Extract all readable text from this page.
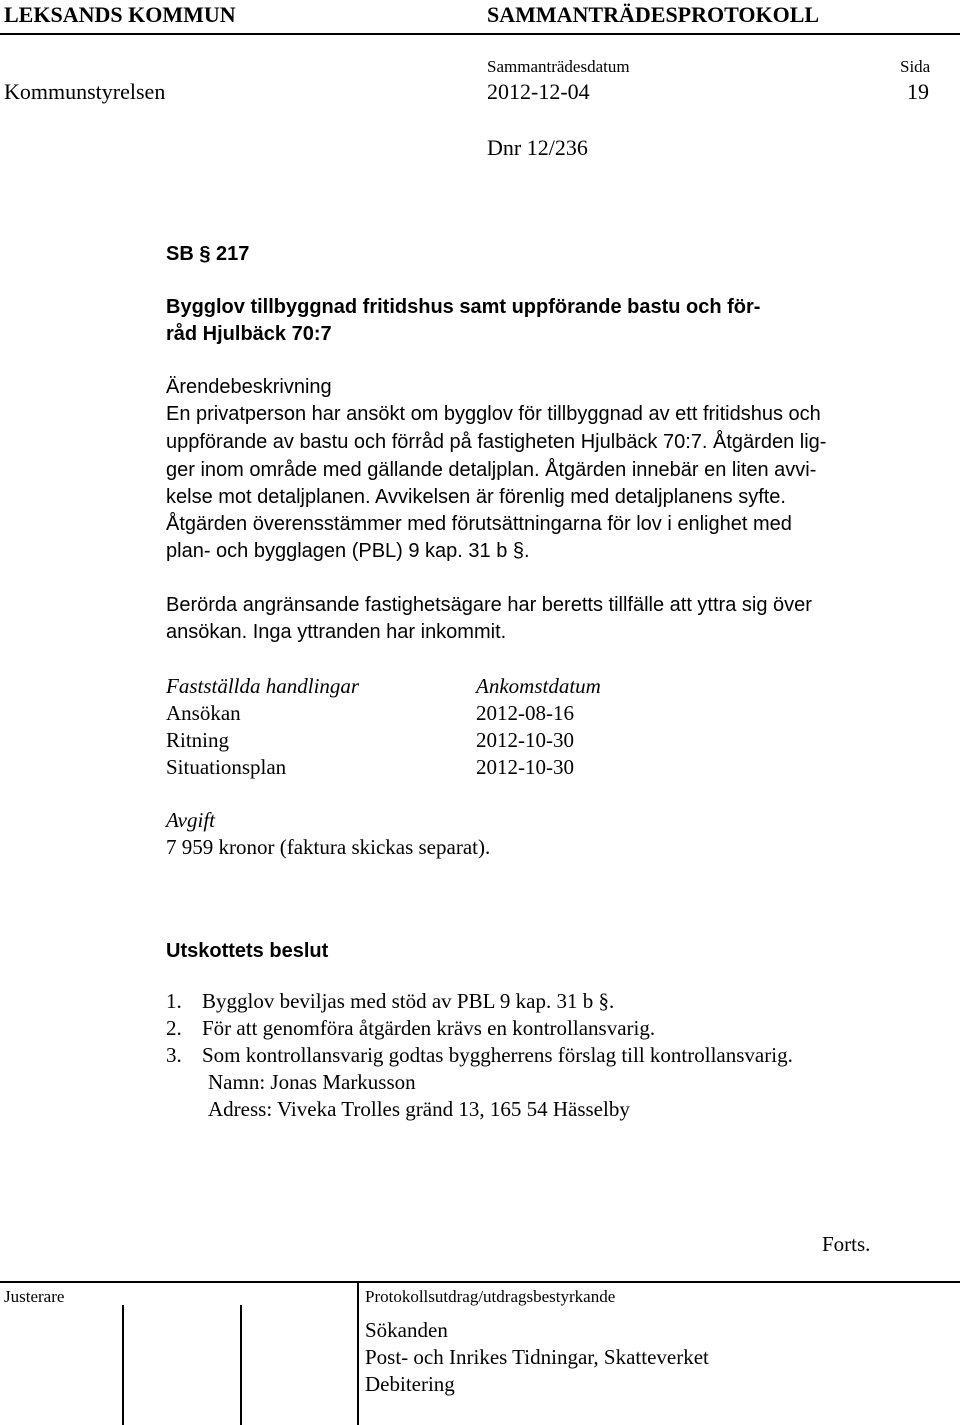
LEKSANDS KOMMUN	SAMMANTRÄDESPROTOKOLL
Sammanträdesdatum	Sida
Kommunstyrelsen	2012-12-04	19
Dnr 12/236
SB § 217
Bygglov tillbyggnad fritidshus samt uppförande bastu och för-
råd Hjulbäck 70:7
Ärendebeskrivning
En privatperson har ansökt om bygglov för tillbyggnad av ett fritidshus och
uppförande av bastu och förråd på fastigheten Hjulbäck 70:7. Åtgärden lig-
ger inom område med gällande detaljplan. Åtgärden innebär en liten avvi-
kelse mot detaljplanen. Avvikelsen är förenlig med detaljplanens syfte.
Åtgärden överensstämmer med förutsättningarna för lov i enlighet med
plan- och bygglagen (PBL) 9 kap. 31 b §.
Berörda angränsande fastighetsägare har beretts tillfälle att yttra sig över
ansökan. Inga yttranden har inkommit.
Fastställda handlingar	Ankomstdatum
Ansökan	2012-08-16
Ritning	2012-10-30
Situationsplan	2012-10-30
Avgift
7 959 kronor (faktura skickas separat).
Utskottets beslut
1. Bygglov beviljas med stöd av PBL 9 kap. 31 b §.
2. För att genomföra åtgärden krävs en kontrollansvarig.
3. Som kontrollansvarig godtas byggherrens förslag till kontrollansvarig.
Namn: Jonas Markusson
Adress: Viveka Trolles gränd 13, 165 54 Hässelby
Forts.
Justerare	Protokollsutdrag/utdragsbestyrkande
Sökanden
Post- och Inrikes Tidningar, Skatteverket
Debitering
